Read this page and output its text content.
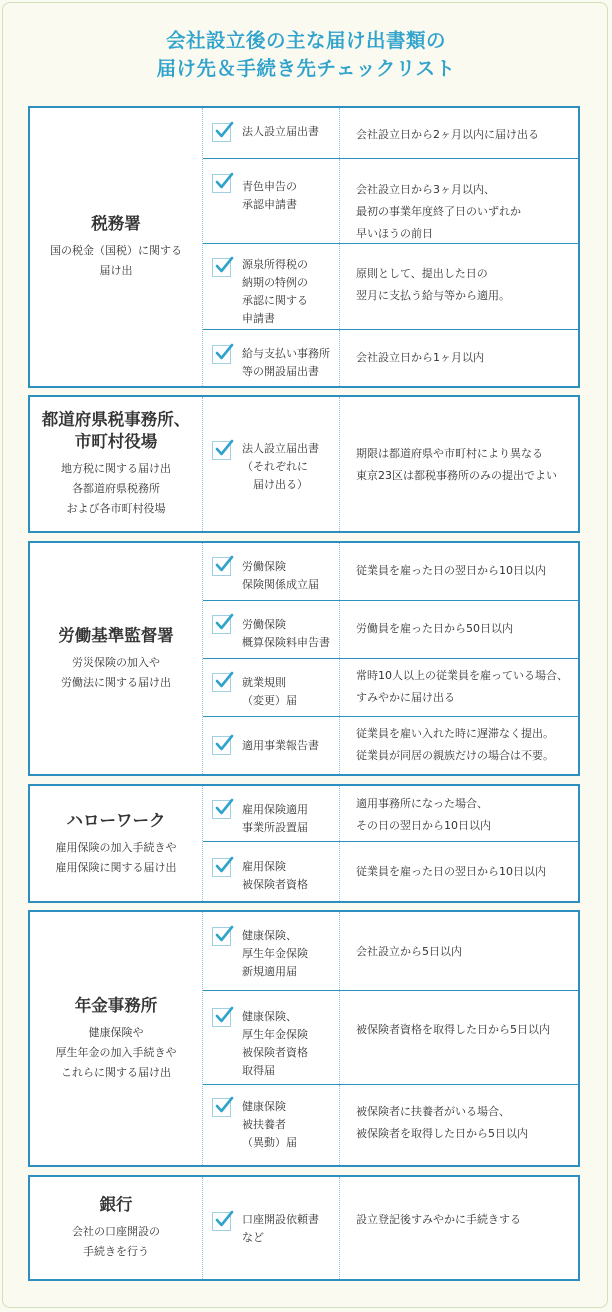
会社設立後の主な届け出書類の
届け先＆手続き先チェックリスト
税務署
国の税金（国税）に関する
届け出
法人設立届出書	会社設立日から2ヶ月以内に届け出る
青色申告の
承認申請書
会社設立日から3ヶ月以内、
最初の事業年度終了日のいずれか
早いほうの前日
源泉所得税の
納期の特例の
承認に関する
申請書
原則として、提出した日の
翌月に支払う給与等から適用。
給与支払い事務所
等の開設届出書
会社設立日から1ヶ月以内
都道府県税事務所、
市町村役場
地方税に関する届け出
各都道府県税務所
および各市町村役場
法人設立届出書
（それぞれに
　届け出る）
期限は都道府県や市町村により異なる
東京23区は都税事務所のみの提出でよい
労働基準監督署
労災保険の加入や
労働法に関する届け出
労働保険
保険関係成立届
従業員を雇った日の翌日から10日以内
労働保険
概算保険料申告書
労働員を雇った日から50日以内
就業規則
（変更）届
常時10人以上の従業員を雇っている場合、
すみやかに届け出る
適用事業報告書
従業員を雇い入れた時に遅滞なく提出。
従業員が同居の親族だけの場合は不要。
ハローワーク
雇用保険の加入手続きや
雇用保険に関する届け出
雇用保険適用
事業所設置届
適用事務所になった場合、
その日の翌日から10日以内
雇用保険
被保険者資格
従業員を雇った日の翌日から10日以内
年金事務所
健康保険や
厚生年金の加入手続きや
これらに関する届け出
健康保険、
厚生年金保険
新規適用届
会社設立から5日以内
健康保険、
厚生年金保険
被保険者資格
取得届
被保険者資格を取得した日から5日以内
健康保険
被扶養者
（異動）届
被保険者に扶養者がいる場合、
被保険者を取得した日から5日以内
銀行
会社の口座開設の
手続きを行う
口座開設依頼書
など
設立登記後すみやかに手続きする
